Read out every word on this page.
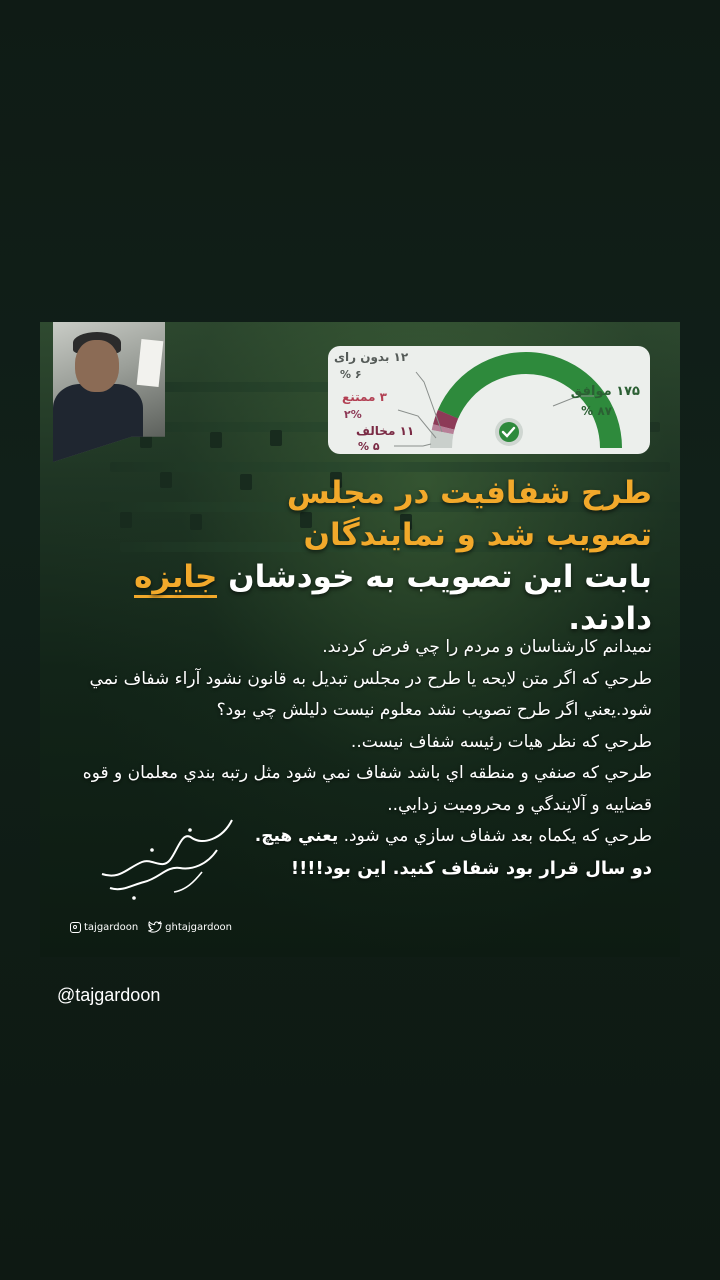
۱۷۵ موافق
۸۷ %
۱۲ بدون رای
۶ %
۳ ممتنع
۲%
۱۱ مخالف
۵ %
طرح شفافیت در مجلس
تصویب شد و نمایندگان
بابت این تصویب به خودشان جایزه دادند.

نميدانم کارشناسان و مردم را چي فرض کردند.

طرحي که اگر متن لايحه يا طرح در مجلس تبديل به قانون نشود آراء شفاف نمي شود.يعني اگر طرح تصويب نشد معلوم نيست دليلش چي بود؟

طرحي که نظر هيات رئيسه شفاف نيست..

طرحي که صنفي و منطقه اي باشد شفاف نمي شود مثل رتبه بندي معلمان و قوه قضاييه و آلايندگي و محروميت زدايي..

طرحي که يکماه بعد شفاف سازي مي شود. يعني هيچ.

دو سال قرار بود شفاف کنيد. اين بود!!!!

tajgardoon	ghtajgardoon
@tajgardoon
